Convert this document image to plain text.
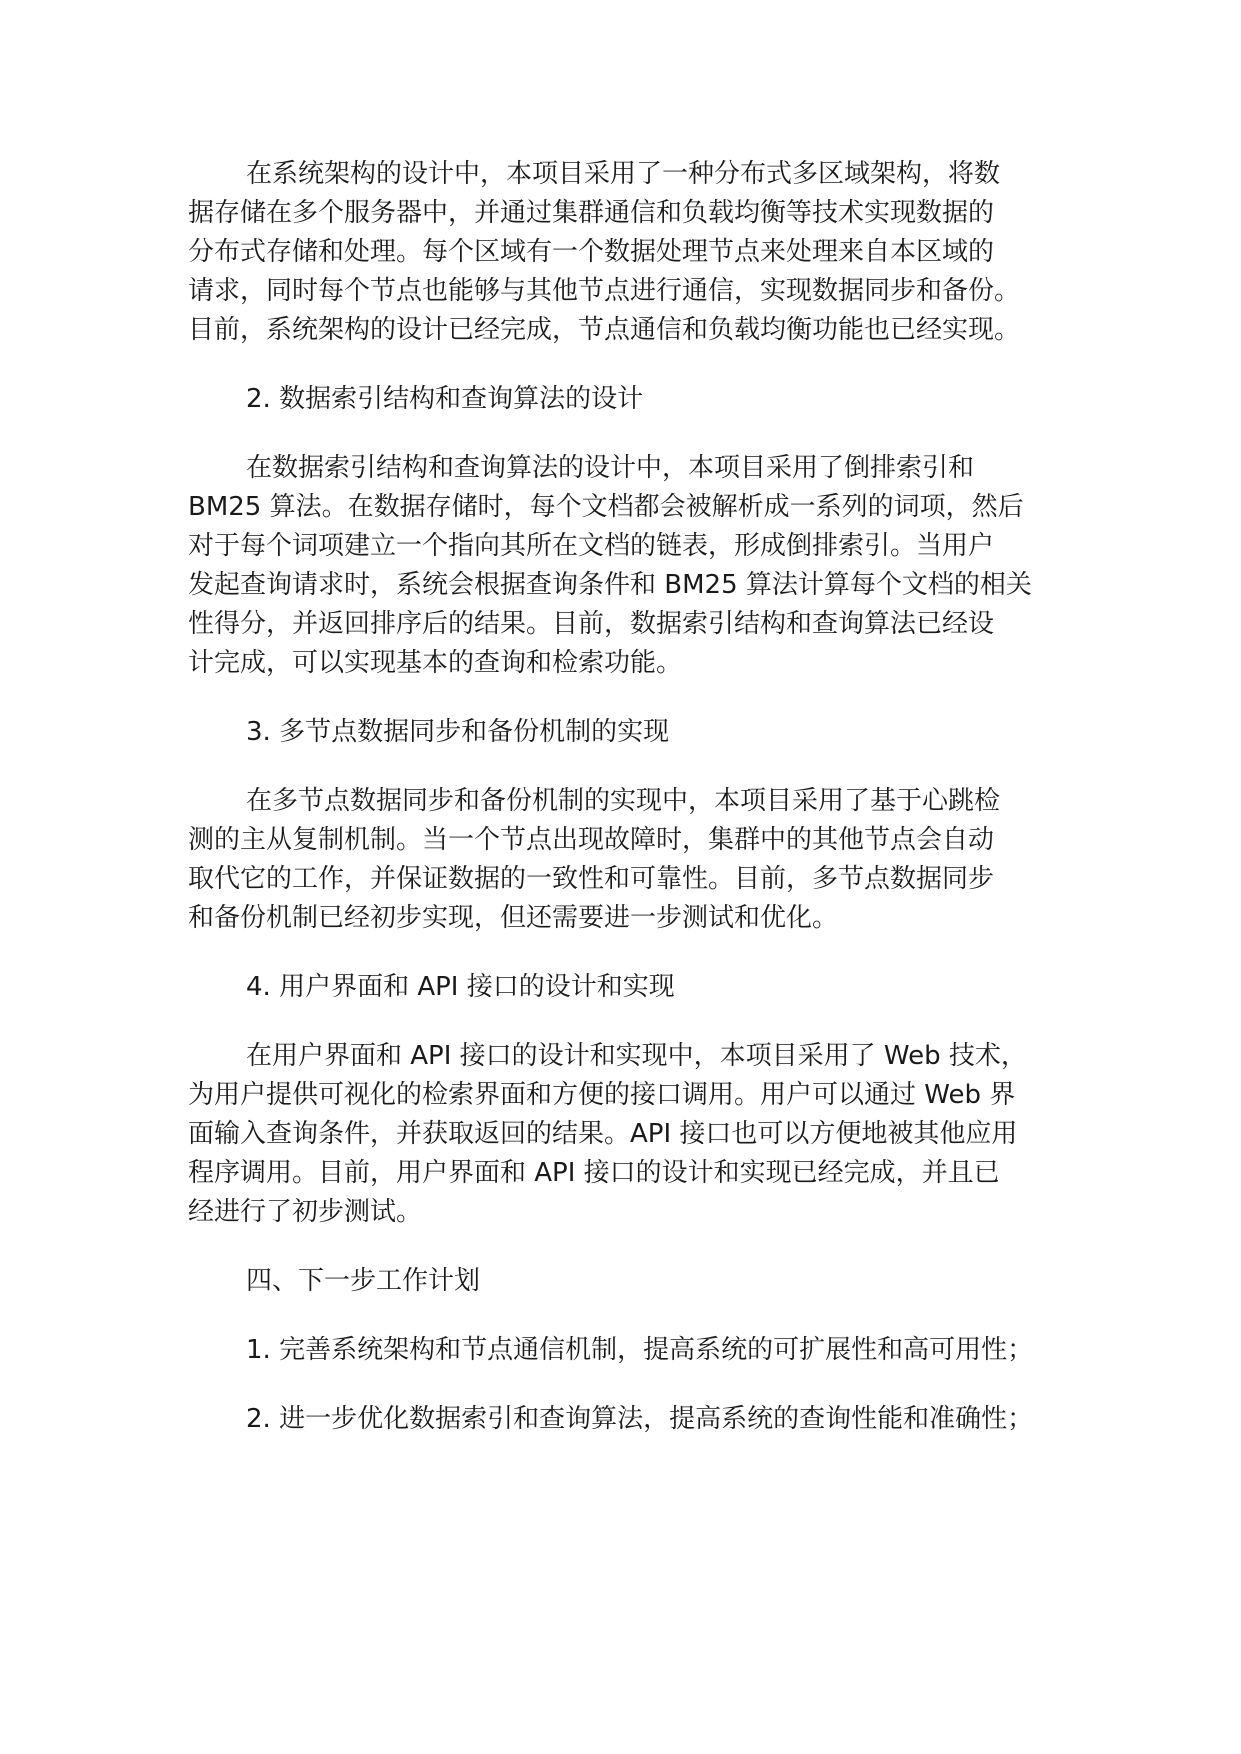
在系统架构的设计中，本项目采用了一种分布式多区域架构，将数
据存储在多个服务器中，并通过集群通信和负载均衡等技术实现数据的
分布式存储和处理。每个区域有一个数据处理节点来处理来自本区域的
请求，同时每个节点也能够与其他节点进行通信，实现数据同步和备份。
目前，系统架构的设计已经完成，节点通信和负载均衡功能也已经实现。
2. 数据索引结构和查询算法的设计
在数据索引结构和查询算法的设计中，本项目采用了倒排索引和
BM25 算法。在数据存储时，每个文档都会被解析成一系列的词项，然后
对于每个词项建立一个指向其所在文档的链表，形成倒排索引。当用户
发起查询请求时，系统会根据查询条件和 BM25 算法计算每个文档的相关
性得分，并返回排序后的结果。目前，数据索引结构和查询算法已经设
计完成，可以实现基本的查询和检索功能。
3. 多节点数据同步和备份机制的实现
在多节点数据同步和备份机制的实现中，本项目采用了基于心跳检
测的主从复制机制。当一个节点出现故障时，集群中的其他节点会自动
取代它的工作，并保证数据的一致性和可靠性。目前，多节点数据同步
和备份机制已经初步实现，但还需要进一步测试和优化。
4. 用户界面和 API 接口的设计和实现
在用户界面和 API 接口的设计和实现中，本项目采用了 Web 技术，
为用户提供可视化的检索界面和方便的接口调用。用户可以通过 Web 界
面输入查询条件，并获取返回的结果。API 接口也可以方便地被其他应用
程序调用。目前，用户界面和 API 接口的设计和实现已经完成，并且已
经进行了初步测试。
四、下一步工作计划
1. 完善系统架构和节点通信机制，提高系统的可扩展性和高可用性；
2. 进一步优化数据索引和查询算法，提高系统的查询性能和准确性；
